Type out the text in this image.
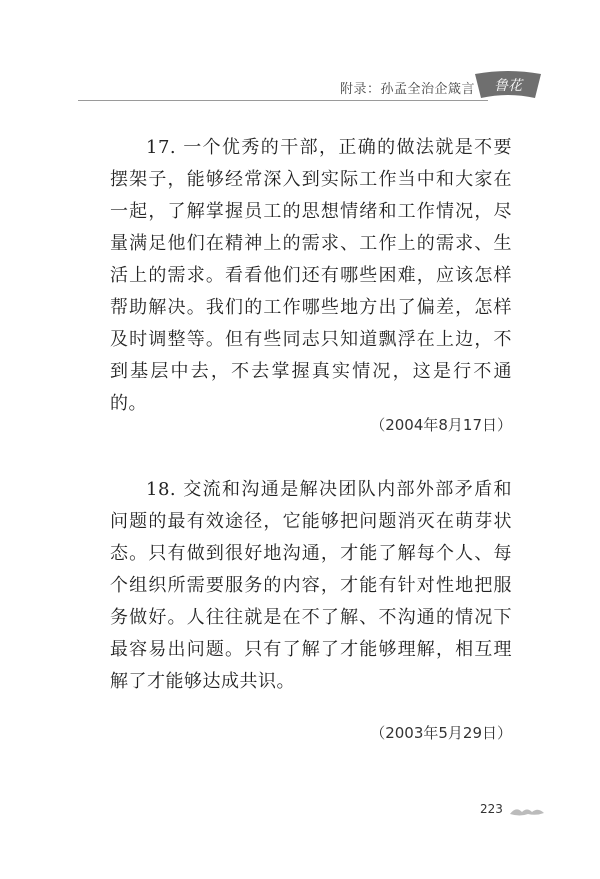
附录：孙孟全治企箴言 鲁花

17. 一个优秀的干部，正确的做法就是不要摆架子，能够经常深入到实际工作当中和大家在一起，了解掌握员工的思想情绪和工作情况，尽量满足他们在精神上的需求、工作上的需求、生活上的需求。看看他们还有哪些困难，应该怎样帮助解决。我们的工作哪些地方出了偏差，怎样及时调整等。但有些同志只知道飘浮在上边，不到基层中去，不去掌握真实情况，这是行不通的。

（2004年8月17日）

18. 交流和沟通是解决团队内部外部矛盾和问题的最有效途径，它能够把问题消灭在萌芽状态。只有做到很好地沟通，才能了解每个人、每个组织所需要服务的内容，才能有针对性地把服务做好。人往往就是在不了解、不沟通的情况下最容易出问题。只有了解了才能够理解，相互理解了才能够达成共识。

（2003年5月29日）
223
